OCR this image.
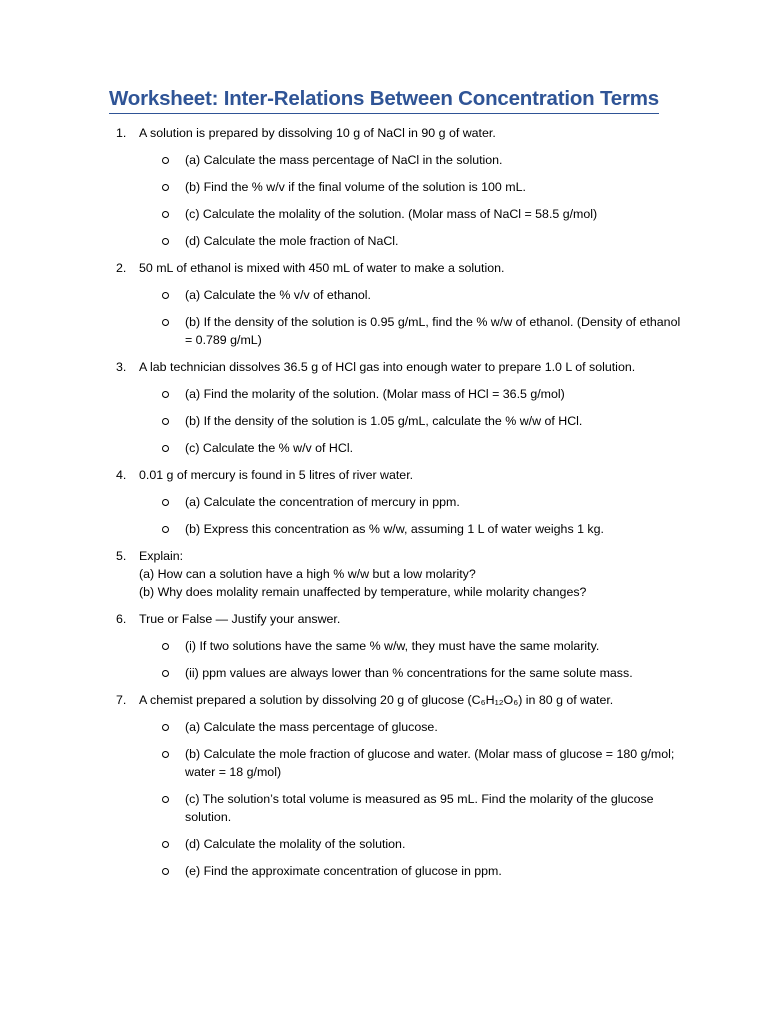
Worksheet: Inter-Relations Between Concentration Terms
1. A solution is prepared by dissolving 10 g of NaCl in 90 g of water.
(a) Calculate the mass percentage of NaCl in the solution.
(b) Find the % w/v if the final volume of the solution is 100 mL.
(c) Calculate the molality of the solution. (Molar mass of NaCl = 58.5 g/mol)
(d) Calculate the mole fraction of NaCl.
2. 50 mL of ethanol is mixed with 450 mL of water to make a solution.
(a) Calculate the % v/v of ethanol.
(b) If the density of the solution is 0.95 g/mL, find the % w/w of ethanol. (Density of ethanol = 0.789 g/mL)
3. A lab technician dissolves 36.5 g of HCl gas into enough water to prepare 1.0 L of solution.
(a) Find the molarity of the solution. (Molar mass of HCl = 36.5 g/mol)
(b) If the density of the solution is 1.05 g/mL, calculate the % w/w of HCl.
(c) Calculate the % w/v of HCl.
4. 0.01 g of mercury is found in 5 litres of river water.
(a) Calculate the concentration of mercury in ppm.
(b) Express this concentration as % w/w, assuming 1 L of water weighs 1 kg.
5. Explain:
(a) How can a solution have a high % w/w but a low molarity?
(b) Why does molality remain unaffected by temperature, while molarity changes?
6. True or False — Justify your answer.
(i) If two solutions have the same % w/w, they must have the same molarity.
(ii) ppm values are always lower than % concentrations for the same solute mass.
7. A chemist prepared a solution by dissolving 20 g of glucose (C₆H₁₂O₆) in 80 g of water.
(a) Calculate the mass percentage of glucose.
(b) Calculate the mole fraction of glucose and water. (Molar mass of glucose = 180 g/mol; water = 18 g/mol)
(c) The solution’s total volume is measured as 95 mL. Find the molarity of the glucose solution.
(d) Calculate the molality of the solution.
(e) Find the approximate concentration of glucose in ppm.
